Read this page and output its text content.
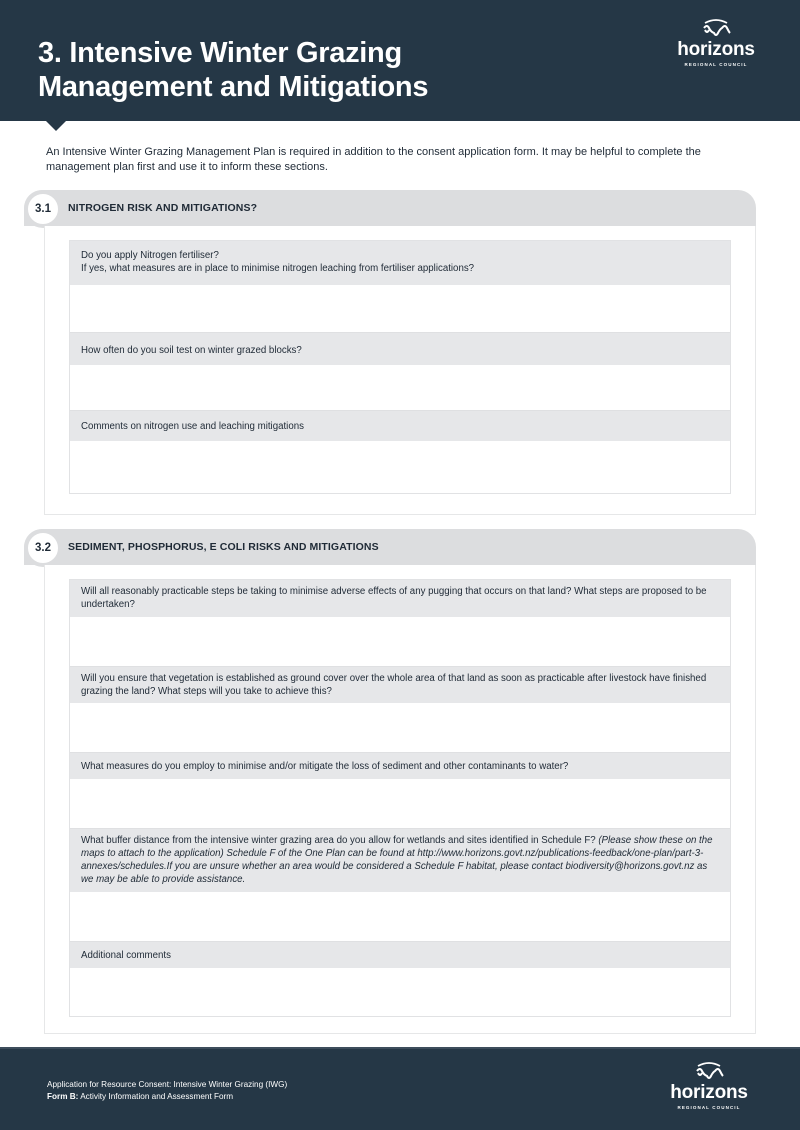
3. Intensive Winter Grazing
Management and Mitigations
horizons
REGIONAL COUNCIL
An Intensive Winter Grazing Management Plan is required in addition to the consent application form. It may be helpful to complete the management plan first and use it to inform these sections.
3.1	NITROGEN RISK AND MITIGATIONS?
Do you apply Nitrogen fertiliser?
If yes, what measures are in place to minimise nitrogen leaching from fertiliser applications?
How often do you soil test on winter grazed blocks?
Comments on nitrogen use and leaching mitigations
3.2	SEDIMENT, PHOSPHORUS, E COLI RISKS AND MITIGATIONS
Will all reasonably practicable steps be taking to minimise adverse effects of any pugging that occurs on that land? What steps are proposed to be undertaken?
Will you ensure that vegetation is established as ground cover over the whole area of that land as soon as practicable after livestock have finished grazing the land? What steps will you take to achieve this?
What measures do you employ to minimise and/or mitigate the loss of sediment and other contaminants to water?
What buffer distance from the intensive winter grazing area do you allow for wetlands and sites identified in Schedule F? (Please show these on the maps to attach to the application) Schedule F of the One Plan can be found at http://www.horizons.govt.nz/publications-feedback/one-plan/part-3-annexes/schedules.If you are unsure whether an area would be considered a Schedule F habitat, please contact biodiversity@horizons.govt.nz as we may be able to provide assistance.
Additional comments
Application for Resource Consent: Intensive Winter Grazing (IWG)
Form B: Activity Information and Assessment Form	horizons
REGIONAL COUNCIL
